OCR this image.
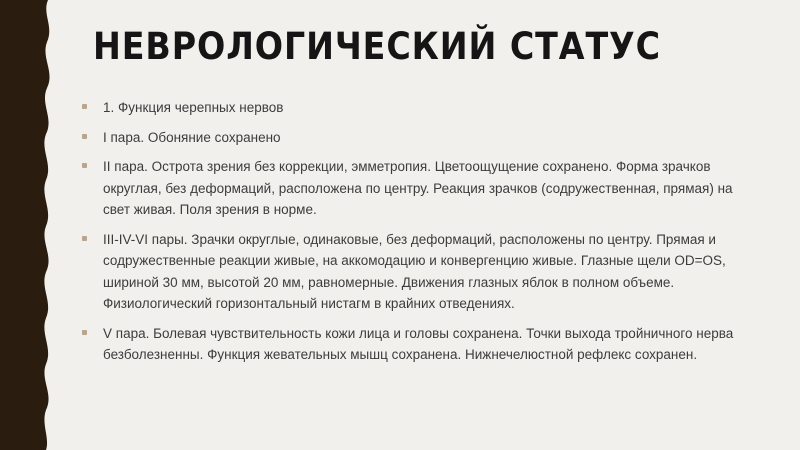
НЕВРОЛОГИЧЕСКИЙ СТАТУС
1. Функция черепных нервов
I пара. Обоняние сохранено
II пара. Острота зрения без коррекции, эмметропия. Цветоощущение сохранено. Форма зрачков округлая, без деформаций, расположена по центру. Реакция зрачков (содружественная, прямая) на свет живая. Поля зрения в норме.
III-IV-VI пары. Зрачки округлые, одинаковые, без деформаций, расположены по центру. Прямая и содружественные реакции живые, на аккомодацию и конвергенцию живые. Глазные щели OD=OS, шириной 30 мм, высотой 20 мм, равномерные. Движения глазных яблок в полном объеме. Физиологический горизонтальный нистагм в крайних отведениях.
V пара. Болевая чувствительность кожи лица и головы сохранена. Точки выхода тройничного нерва безболезненны. Функция жевательных мышц сохранена. Нижнечелюстной рефлекс сохранен.
